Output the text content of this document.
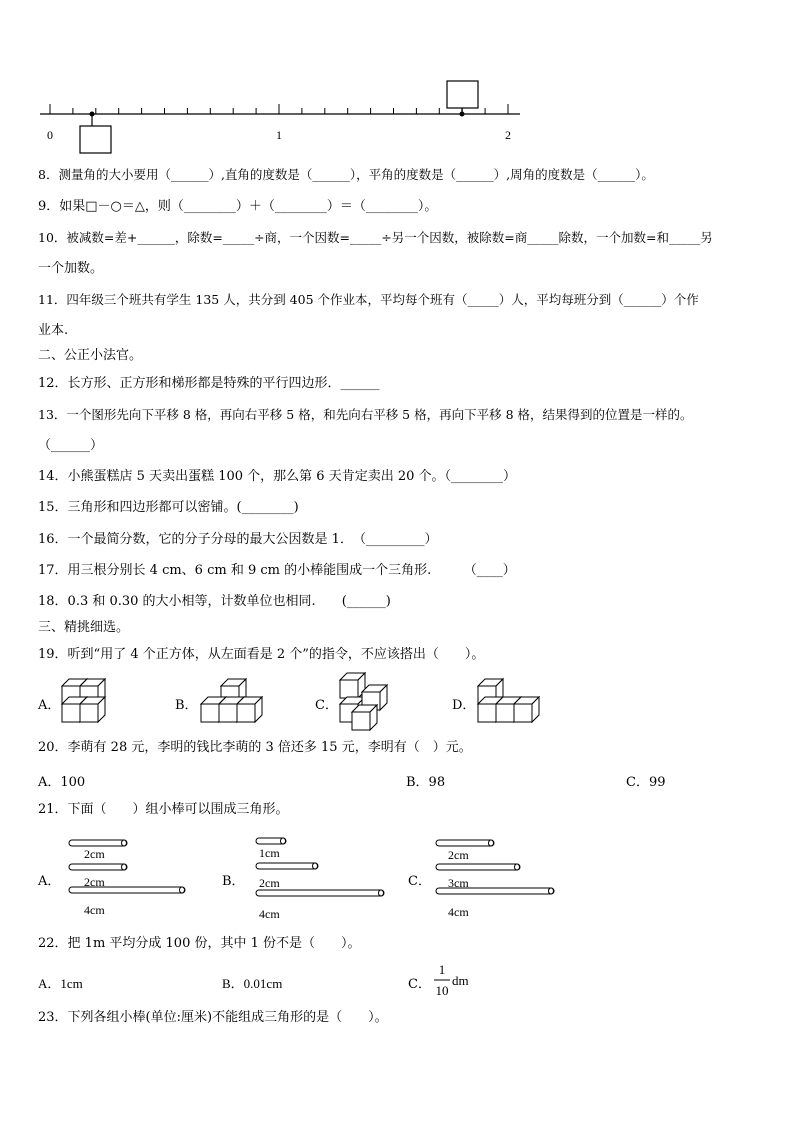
0	1	2
8．测量角的大小要用（______）,直角的度数是（______），平角的度数是（______）,周角的度数是（______）。
9．如果□－○＝△，则（________）＋（________）＝（________）。
10．被减数=差+______，除数=_____÷商，一个因数=_____÷另一个因数，被除数=商_____除数，一个加数=和_____另
一个加数。
11．四年级三个班共有学生 135 人，共分到 405 个作业本，平均每个班有（_____）人，平均每班分到（______）个作
业本.
二、公正小法官。
12．长方形、正方形和梯形都是特殊的平行四边形．______
13．一个图形先向下平移 8 格，再向右平移 5 格，和先向右平移 5 格，再向下平移 8 格，结果得到的位置是一样的。
（______）
14．小熊蛋糕店 5 天卖出蛋糕 100 个，那么第 6 天肯定卖出 20 个。（________）
15．三角形和四边形都可以密铺。(________)
16．一个最简分数，它的分子分母的最大公因数是 1．　（_________）
17．用三根分别长 4 cm、6 cm 和 9 cm 的小棒能围成一个三角形.　　　（____）
18．0.3 和 0.30 的大小相等，计数单位也相同.　　(______)
三、精挑细选。
19．听到“用了 4 个正方体，从左面看是 2 个”的指令，不应该搭出（　　）。
A．	B．	C．	D．
20．李萌有 28 元，李明的钱比李萌的 3 倍还多 15 元，李明有（　）元。
A．100	B．98	C．99
21．下面（　　）组小棒可以围成三角形。
A．	B．	C．
2cm
2cm
4cm
1cm
2cm
4cm
2cm
3cm
4cm
22．把 1m 平均分成 100 份，其中 1 份不是（　　）。
A．1cm	B．0.01cm	C．
1
10
dm
23．下列各组小棒(单位:厘米)不能组成三角形的是（　　）。
